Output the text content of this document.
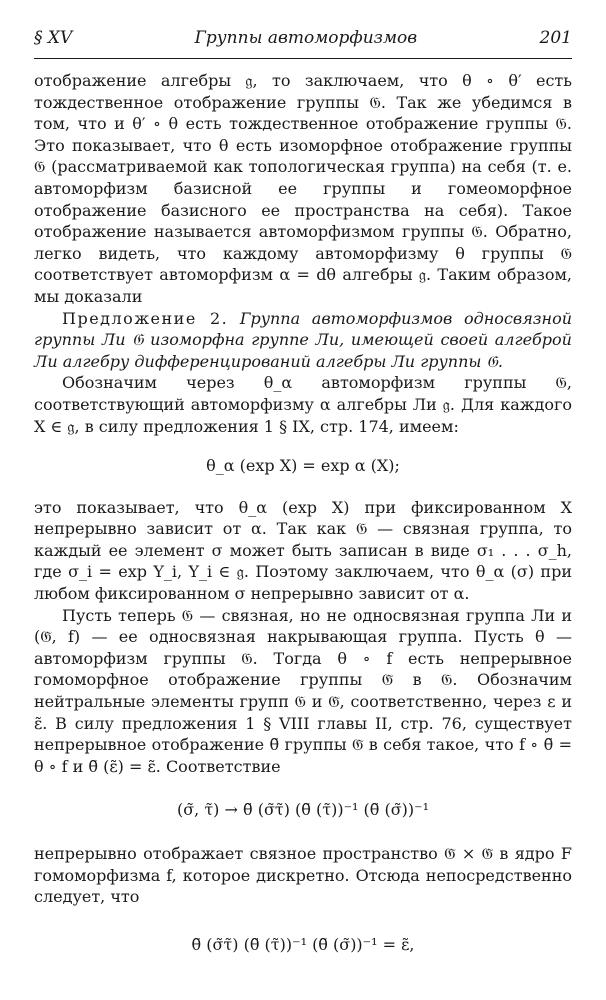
§ XV	Группы автоморфизмов	201

отображение алгебры 𝔤, то заключаем, что θ ∘ θ′ есть тождественное отображение группы 𝔊. Так же убедимся в том, что и θ′ ∘ θ есть тождественное отображение группы 𝔊. Это показывает, что θ есть изоморфное отображение группы 𝔊 (рассматриваемой как топологическая группа) на себя (т. е. автоморфизм базисной ее группы и гомеоморфное отображение базисного ее пространства на себя). Такое отображение называется автоморфизмом группы 𝔊. Обратно, легко видеть, что каждому автоморфизму θ группы 𝔊 соответствует автоморфизм α = dθ алгебры 𝔤. Таким образом, мы доказали

Предложение 2. Группа автоморфизмов односвязной группы Ли 𝔊 изоморфна группе Ли, имеющей своей алгеброй Ли алгебру дифференцирований алгебры Ли группы 𝔊.

Обозначим через θ_α автоморфизм группы 𝔊, соответствующий автоморфизму α алгебры Ли 𝔤. Для каждого X ∈ 𝔤, в силу предложения 1 § IX, стр. 174, имеем:

θ_α (exp X) = exp α (X);

это показывает, что θ_α (exp X) при фиксированном X непрерывно зависит от α. Так как 𝔊 — связная группа, то каждый ее элемент σ может быть записан в виде σ₁ . . . σ_h, где σ_i = exp Y_i, Y_i ∈ 𝔤. Поэтому заключаем, что θ_α (σ) при любом фиксированном σ непрерывно зависит от α.

Пусть теперь 𝔊 — связная, но не односвязная группа Ли и (𝔊̃, f) — ее односвязная накрывающая группа. Пусть θ — автоморфизм группы 𝔊. Тогда θ ∘ f есть непрерывное гомоморфное отображение группы 𝔊̃ в 𝔊. Обозначим нейтральные элементы групп 𝔊 и 𝔊̃, соответственно, через ε и ε̃. В силу предложения 1 § VIII главы II, стр. 76, существует непрерывное отображение θ̃ группы 𝔊̃ в себя такое, что f ∘ θ̃ = θ ∘ f и θ̃ (ε̃) = ε̃. Соответствие

(σ̃, τ̃) → θ̃ (σ̃τ̃) (θ̃ (τ̃))⁻¹ (θ̃ (σ̃))⁻¹

непрерывно отображает связное пространство 𝔊̃ × 𝔊̃ в ядро F гомоморфизма f, которое дискретно. Отсюда непосредственно следует, что

θ̃ (σ̃τ̃) (θ̃ (τ̃))⁻¹ (θ̃ (σ̃))⁻¹ = ε̃,
